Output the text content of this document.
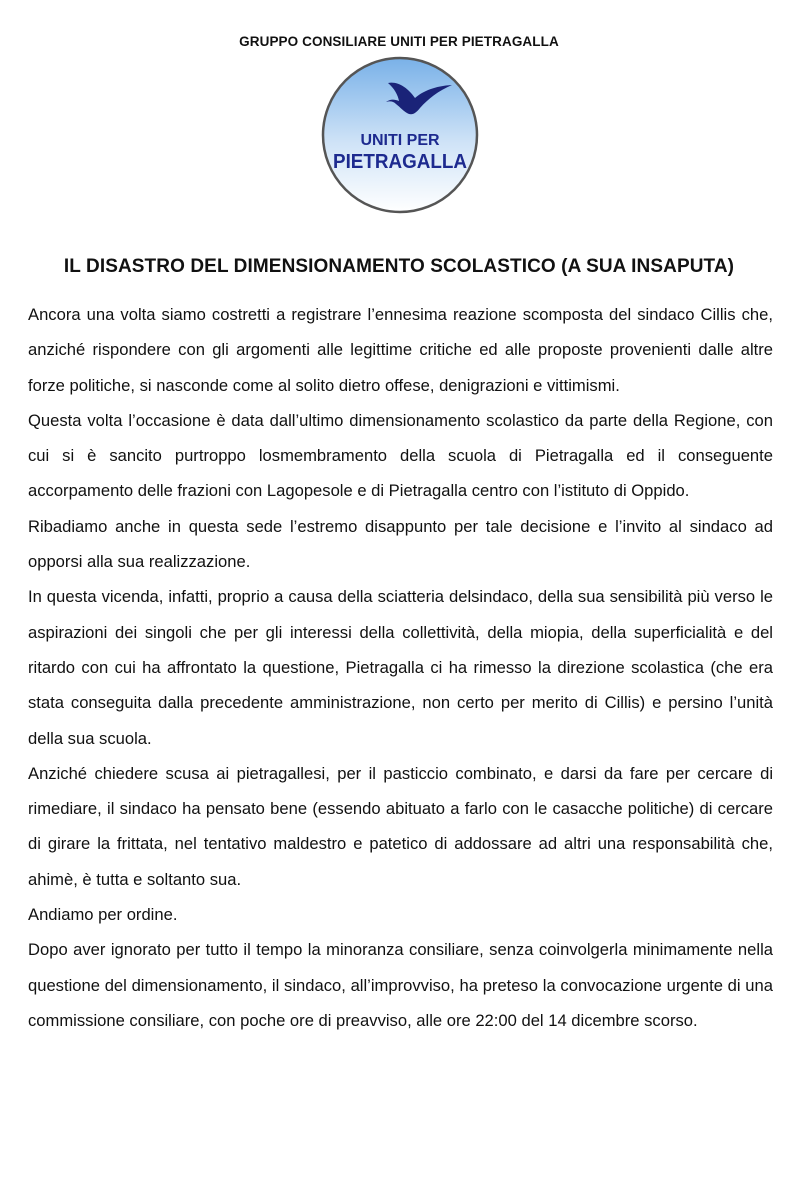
GRUPPO CONSILIARE UNITI PER PIETRAGALLA
UNITI PER
PIETRAGALLA
IL DISASTRO DEL DIMENSIONAMENTO SCOLASTICO (A SUA INSAPUTA)

Ancora una volta siamo costretti a registrare l’ennesima reazione scomposta del sindaco Cillis che, anziché rispondere con gli argomenti alle legittime critiche ed alle proposte provenienti dalle altre forze politiche, si nasconde come al solito dietro offese, denigrazioni e vittimismi.

Questa volta l’occasione è data dall’ultimo dimensionamento scolastico da parte della Regione, con cui si è sancito purtroppo losmembramento della scuola di Pietragalla ed il conseguente accorpamento delle frazioni con Lagopesole e di Pietragalla centro con l’istituto di Oppido.

Ribadiamo anche in questa sede l’estremo disappunto per tale decisione e l’invito al sindaco ad opporsi alla sua realizzazione.

In questa vicenda, infatti, proprio a causa della sciatteria delsindaco, della sua sensibilità più verso le aspirazioni dei singoli che per gli interessi della collettività, della miopia, della superficialità e del ritardo con cui ha affrontato la questione, Pietragalla ci ha rimesso la direzione scolastica (che era stata conseguita dalla precedente amministrazione, non certo per merito di Cillis) e persino l’unità della sua scuola.

Anziché chiedere scusa ai pietragallesi, per il pasticcio combinato, e darsi da fare per cercare di rimediare, il sindaco ha pensato bene (essendo abituato a farlo con le casacche politiche) di cercare di girare la frittata, nel tentativo maldestro e patetico di addossare ad altri una responsabilità che, ahimè, è tutta e soltanto sua.

Andiamo per ordine.

Dopo aver ignorato per tutto il tempo la minoranza consiliare, senza coinvolgerla minimamente nella questione del dimensionamento, il sindaco, all’improvviso, ha preteso la convocazione urgente di una commissione consiliare, con poche ore di preavviso, alle ore 22:00 del 14 dicembre scorso.
